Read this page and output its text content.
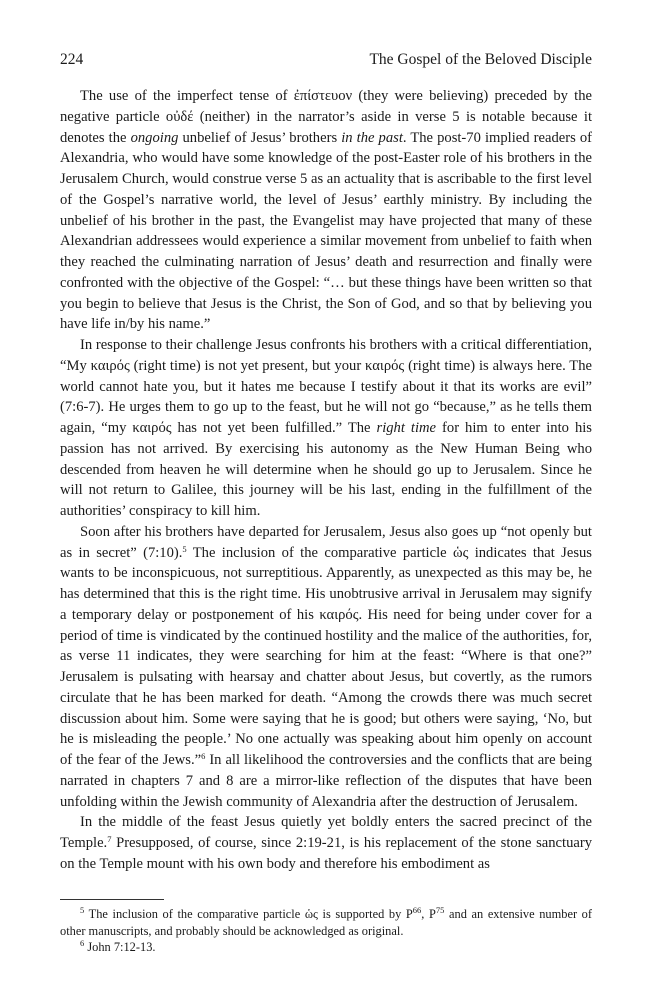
224	The Gospel of the Beloved Disciple

The use of the imperfect tense of ἐπίστευον (they were believing) preceded by the negative particle οὐδέ (neither) in the narrator’s aside in verse 5 is notable because it denotes the ongoing unbelief of Jesus’ brothers in the past. The post-70 implied readers of Alexandria, who would have some knowledge of the post-Easter role of his brothers in the Jerusalem Church, would construe verse 5 as an actuality that is ascribable to the first level of the Gospel’s narrative world, the level of Jesus’ earthly ministry. By including the unbelief of his brother in the past, the Evangelist may have projected that many of these Alexandrian addressees would experience a similar movement from unbelief to faith when they reached the culminating narration of Jesus’ death and resurrection and finally were confronted with the objective of the Gospel: “… but these things have been written so that you begin to believe that Jesus is the Christ, the Son of God, and so that by believing you have life in/by his name.”

In response to their challenge Jesus confronts his brothers with a critical differentiation, “My καιρός (right time) is not yet present, but your καιρός (right time) is always here. The world cannot hate you, but it hates me because I testify about it that its works are evil” (7:6-7). He urges them to go up to the feast, but he will not go “because,” as he tells them again, “my καιρός has not yet been fulfilled.” The right time for him to enter into his passion has not arrived. By exercising his autonomy as the New Human Being who descended from heaven he will determine when he should go up to Jerusalem. Since he will not return to Galilee, this journey will be his last, ending in the fulfillment of the authorities’ conspiracy to kill him.

Soon after his brothers have departed for Jerusalem, Jesus also goes up “not openly but as in secret” (7:10).$^5$ The inclusion of the comparative particle ὡς indicates that Jesus wants to be inconspicuous, not surreptitious. Apparently, as unexpected as this may be, he has determined that this is the right time. His unobtrusive arrival in Jerusalem may signify a temporary delay or postponement of his καιρός. His need for being under cover for a period of time is vindicated by the continued hostility and the malice of the authorities, for, as verse 11 indicates, they were searching for him at the feast: “Where is that one?” Jerusalem is pulsating with hearsay and chatter about Jesus, but covertly, as the rumors circulate that he has been marked for death. “Among the crowds there was much secret discussion about him. Some were saying that he is good; but others were saying, ‘No, but he is misleading the people.’ No one actually was speaking about him openly on account of the fear of the Jews.”$^6$ In all likelihood the controversies and the conflicts that are being narrated in chapters 7 and 8 are a mirror-like reflection of the disputes that have been unfolding within the Jewish community of Alexandria after the destruction of Jerusalem.

In the middle of the feast Jesus quietly yet boldly enters the sacred precinct of the Temple.$^7$ Presupposed, of course, since 2:19-21, is his replacement of the stone sanctuary on the Temple mount with his own body and therefore his embodiment as

$^5$ The inclusion of the comparative particle ὡς is supported by $P^{66}$, $P^{75}$ and an extensive number of other manuscripts, and probably should be acknowledged as original.

$^6$ John 7:12-13.
